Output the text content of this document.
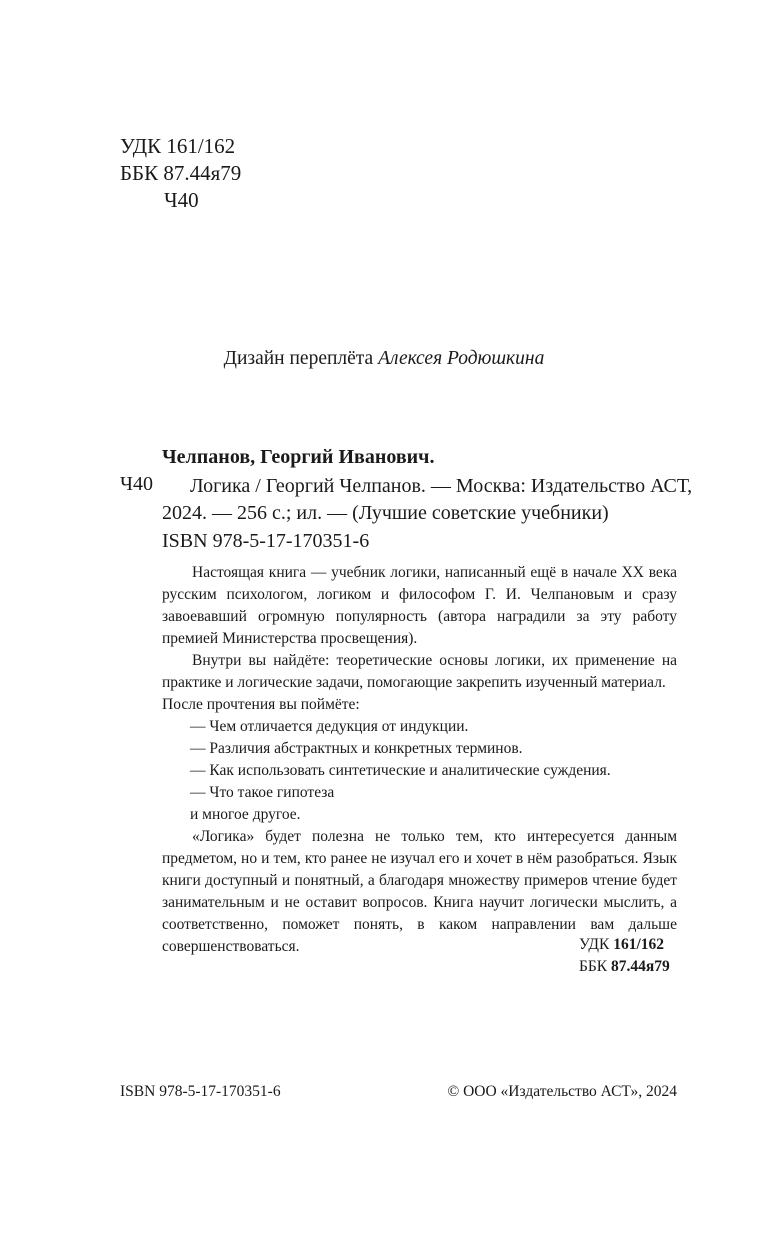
УДК 161/162
ББК 87.44я79
Ч40
Дизайн переплёта Алексея Родюшкина
Челпанов, Георгий Иванович.
Ч40 Логика / Георгий Челпанов. — Москва: Издательство АСТ,
2024. — 256 с.; ил. — (Лучшие советские учебники)
ISBN 978-5-17-170351-6

Настоящая книга — учебник логики, написанный ещё в начале XX века русским психологом, логиком и философом Г. И. Челпановым и сразу завоевавший огромную популярность (автора наградили за эту работу премией Министерства просвещения).

Внутри вы найдёте: теоретические основы логики, их применение на практике и логические задачи, помогающие закрепить изученный материал.

После прочтения вы поймёте:
— Чем отличается дедукция от индукции.
— Различия абстрактных и конкретных терминов.
— Как использовать синтетические и аналитические суждения.
— Что такое гипотеза
и многое другое.

«Логика» будет полезна не только тем, кто интересуется данным предметом, но и тем, кто ранее не изучал его и хочет в нём разобраться. Язык книги доступный и понятный, а благодаря множеству примеров чтение будет занимательным и не оставит вопросов. Книга научит логически мыслить, а соответственно, поможет понять, в каком направлении вам дальше совершенствоваться.	УДК 161/162
ББК 87.44я79
ISBN 978-5-17-170351-6	© ООО «Издательство АСТ», 2024
